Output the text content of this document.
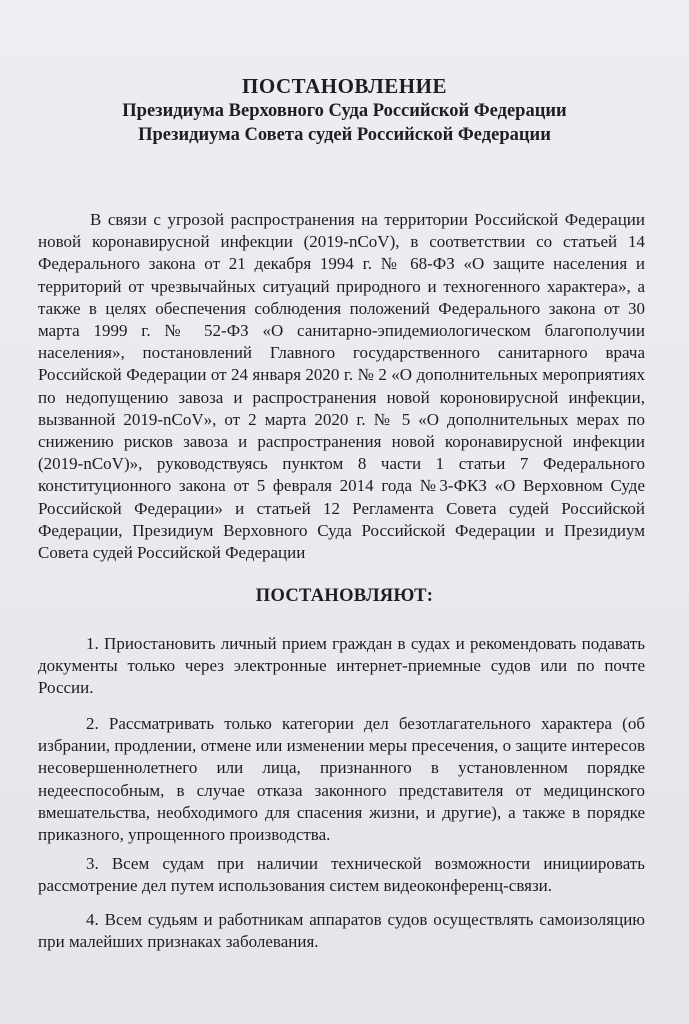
ПОСТАНОВЛЕНИЕ

Президиума Верховного Суда Российской Федерации

Президиума Совета судей Российской Федерации

В связи с угрозой распространения на территории Российской Федерации новой коронавирусной инфекции (2019-nCoV), в соответствии со статьей 14 Федерального закона от 21 декабря 1994 г. № 68-ФЗ «О защите населения и территорий от чрезвычайных ситуаций природного и техногенного характера», а также в целях обеспечения соблюдения положений Федерального закона от 30 марта 1999 г. № 52-ФЗ «О санитарно-эпидемиологическом благополучии населения», постановлений Главного государственного санитарного врача Российской Федерации от 24 января 2020 г. № 2 «О дополнительных мероприятиях по недопущению завоза и распространения новой короновирусной инфекции, вызванной 2019-nCoV», от 2 марта 2020 г. № 5 «О дополнительных мерах по снижению рисков завоза и распространения новой коронавирусной инфекции (2019-nCoV)», руководствуясь пунктом 8 части 1 статьи 7 Федерального конституционного закона от 5 февраля 2014 года №3-ФКЗ «О Верховном Суде Российской Федерации» и статьей 12 Регламента Совета судей Российской Федерации, Президиум Верховного Суда Российской Федерации и Президиум Совета судей Российской Федерации

ПОСТАНОВЛЯЮТ:

1. Приостановить личный прием граждан в судах и рекомендовать подавать документы только через электронные интернет-приемные судов или по почте России.

2. Рассматривать только категории дел безотлагательного характера (об избрании, продлении, отмене или изменении меры пресечения, о защите интересов несовершеннолетнего или лица, признанного в установленном порядке недееспособным, в случае отказа законного представителя от медицинского вмешательства, необходимого для спасения жизни, и другие), а также в порядке приказного, упрощенного производства.

3. Всем судам при наличии технической возможности инициировать рассмотрение дел путем использования систем видеоконференц-связи.

4. Всем судьям и работникам аппаратов судов осуществлять самоизоляцию при малейших признаках заболевания.
